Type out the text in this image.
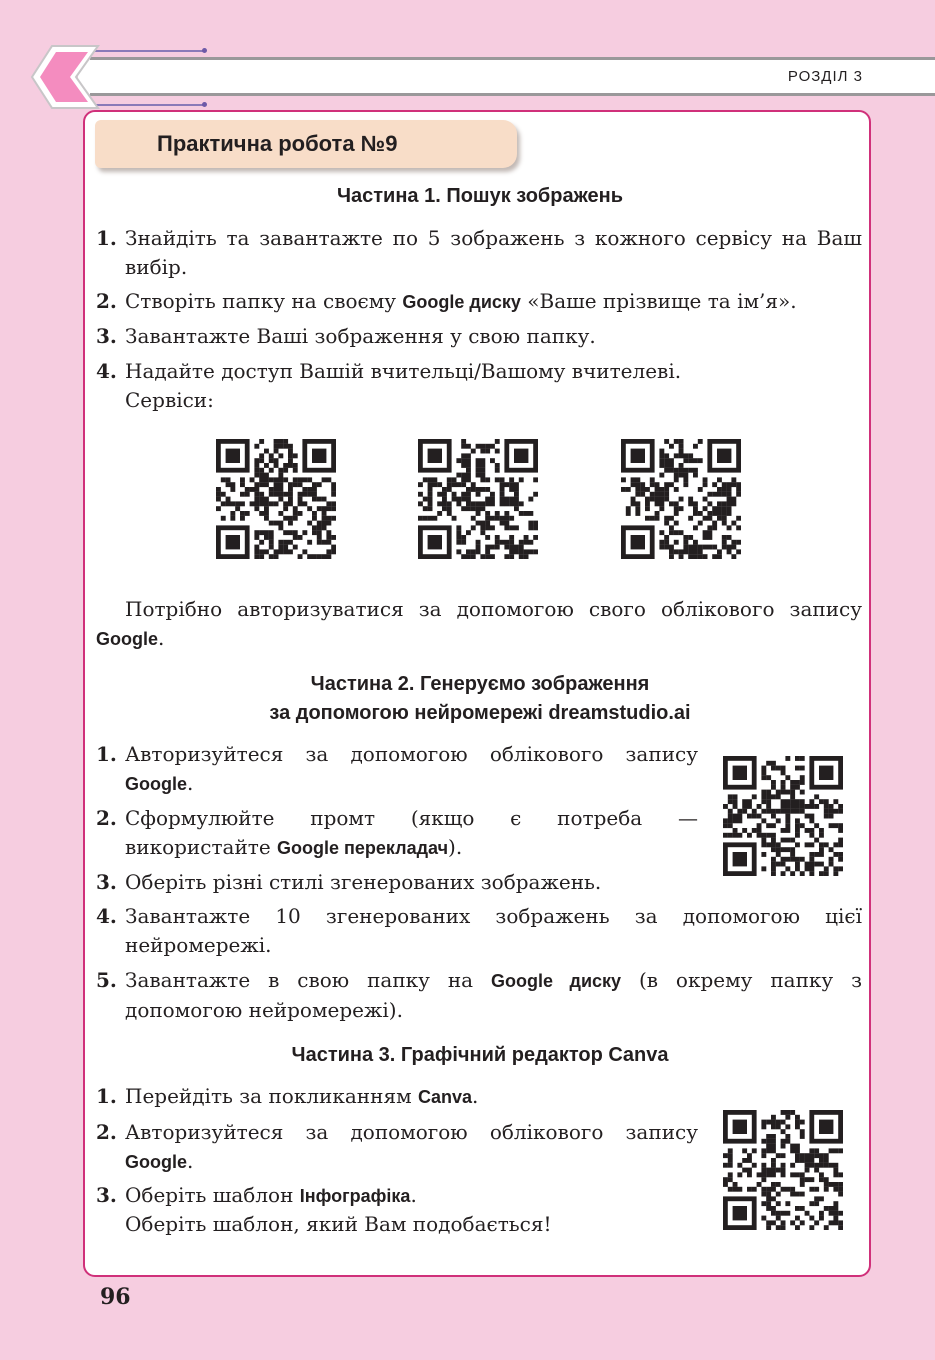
РОЗДІЛ 3
Практична робота №9
Частина 1. Пошук зображень
1. Знайдіть та завантажте по 5 зображень з кожного сервісу на Ваш вибір.
2. Створіть папку на своєму Google диску «Ваше прізвище та ім’я».
3. Завантажте Ваші зображення у свою папку.
4. Надайте доступ Вашій вчительці/Вашому вчителеві.
Сервіси:
Потрібно авторизуватися за допомогою свого облікового запису
Google.
Частина 2. Генеруємо зображення
за допомогою нейромережі dreamstudio.ai
1. Авторизуйтеся за допомогою облікового запису
Google.
2. Сформулюйте промт (якщо є потреба — використайте Google перекладач).
3. Оберіть різні стилі згенерованих зображень.
4. Завантажте 10 згенерованих зображень за допомогою цієї нейромережі.
5. Завантажте в свою папку на Google диску (в окрему папку з допомогою нейромережі).
Частина 3. Графічний редактор Canva
1. Перейдіть за покликанням Canva.
2. Авторизуйтеся за допомогою облікового запису
Google.
3. Оберіть шаблон Інфографіка.
Оберіть шаблон, який Вам подобається!
96
